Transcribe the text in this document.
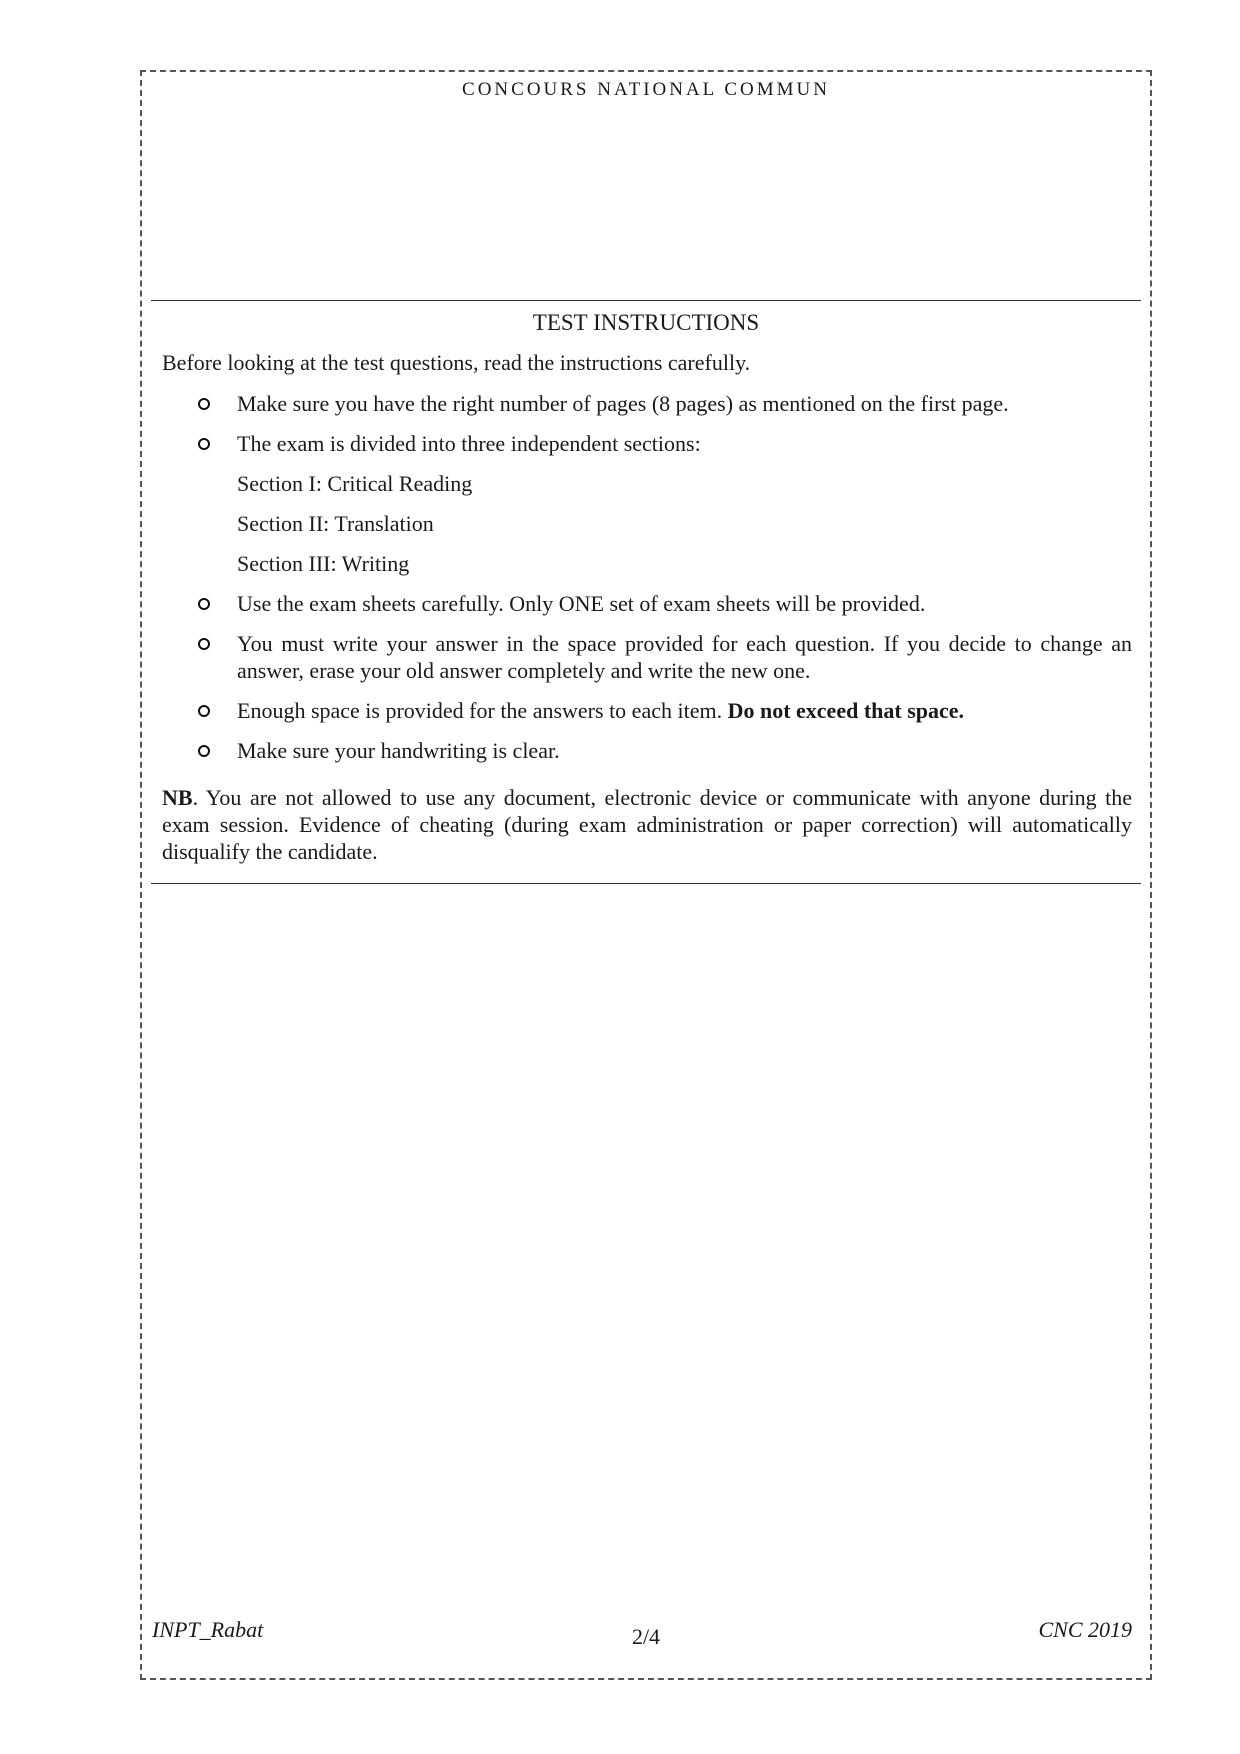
CONCOURS NATIONAL COMMUN
TEST INSTRUCTIONS
Before looking at the test questions, read the instructions carefully.
Make sure you have the right number of pages (8 pages) as mentioned on the first page.
The exam is divided into three independent sections:
Section I: Critical Reading
Section II: Translation
Section III: Writing
Use the exam sheets carefully. Only ONE set of exam sheets will be provided.
You must write your answer in the space provided for each question. If you decide to change an answer, erase your old answer completely and write the new one.
Enough space is provided for the answers to each item. Do not exceed that space.
Make sure your handwriting is clear.
NB. You are not allowed to use any document, electronic device or communicate with anyone during the exam session. Evidence of cheating (during exam administration or paper correction) will automatically disqualify the candidate.
INPT_Rabat	2/4	CNC 2019
